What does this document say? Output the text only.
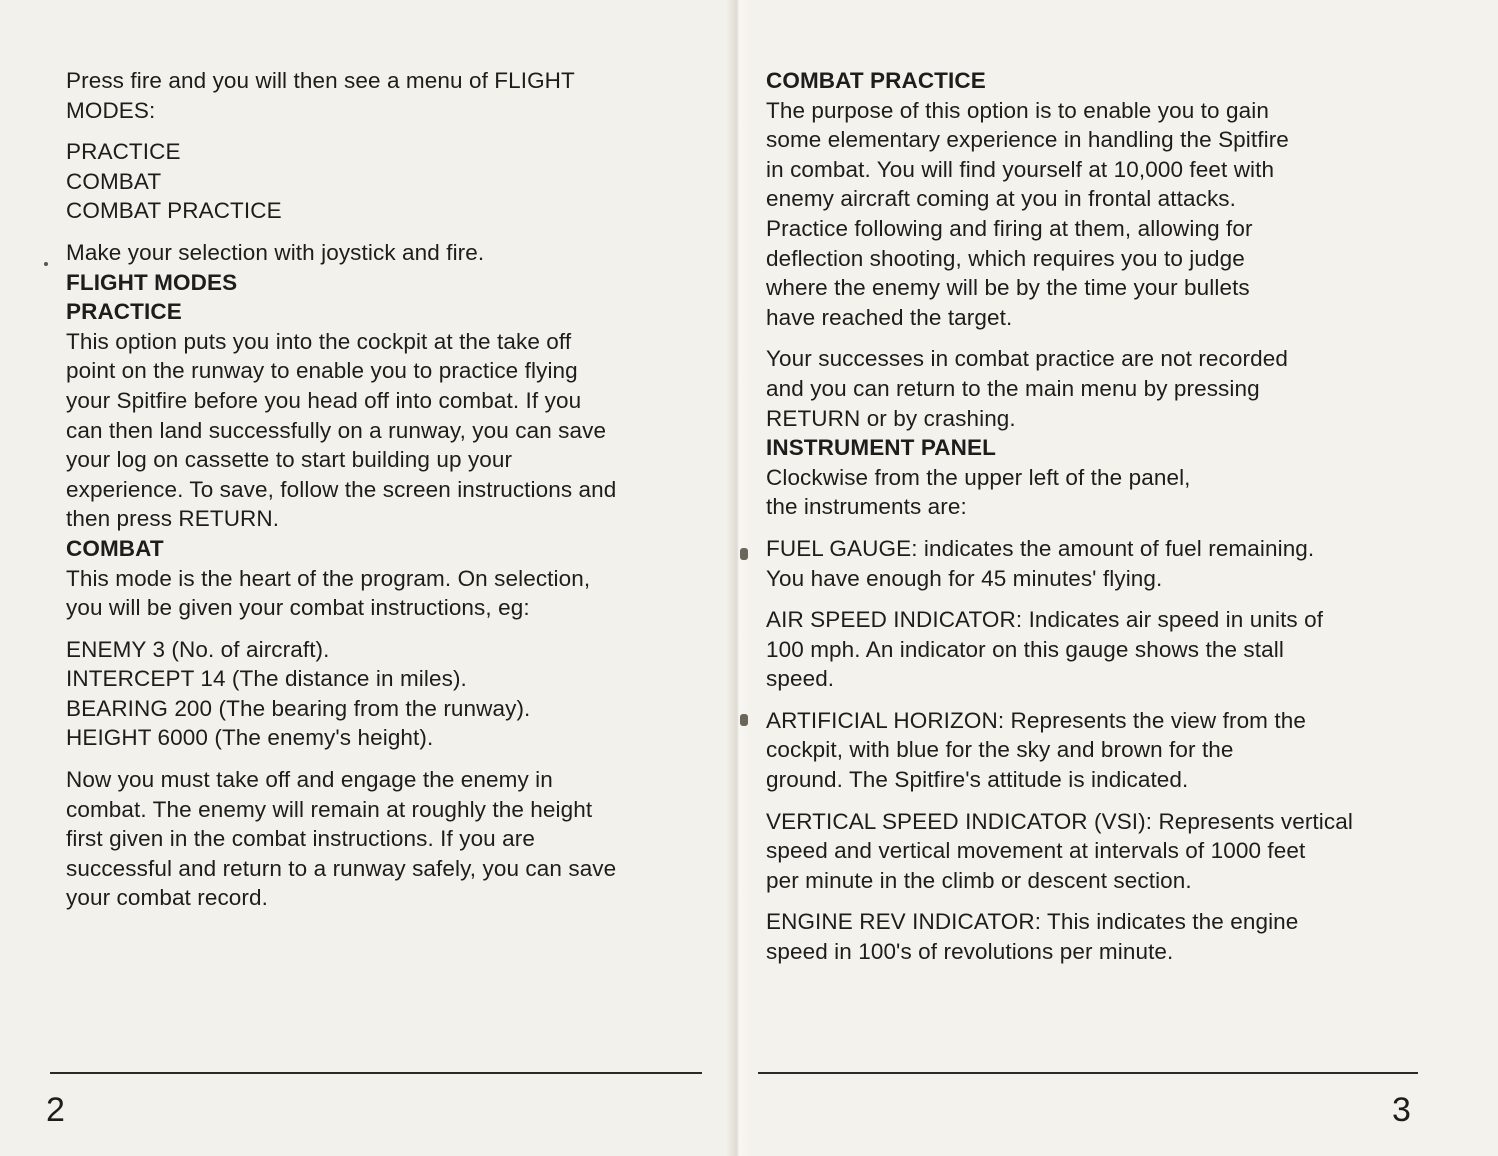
Press fire and you will then see a menu of FLIGHT
MODES:

PRACTICE
COMBAT
COMBAT PRACTICE

Make your selection with joystick and fire.

FLIGHT MODES

PRACTICE

This option puts you into the cockpit at the take off
point on the runway to enable you to practice flying
your Spitfire before you head off into combat. If you
can then land successfully on a runway, you can save
your log on cassette to start building up your
experience. To save, follow the screen instructions and
then press RETURN.

COMBAT

This mode is the heart of the program. On selection,
you will be given your combat instructions, eg:

ENEMY 3 (No. of aircraft).
INTERCEPT 14 (The distance in miles).
BEARING 200 (The bearing from the runway).
HEIGHT 6000 (The enemy's height).

Now you must take off and engage the enemy in
combat. The enemy will remain at roughly the height
first given in the combat instructions. If you are
successful and return to a runway safely, you can save
your combat record.

2

COMBAT PRACTICE

The purpose of this option is to enable you to gain
some elementary experience in handling the Spitfire
in combat. You will find yourself at 10,000 feet with
enemy aircraft coming at you in frontal attacks.
Practice following and firing at them, allowing for
deflection shooting, which requires you to judge
where the enemy will be by the time your bullets
have reached the target.

Your successes in combat practice are not recorded
and you can return to the main menu by pressing
RETURN or by crashing.

INSTRUMENT PANEL

Clockwise from the upper left of the panel,
the instruments are:

FUEL GAUGE: indicates the amount of fuel remaining.
You have enough for 45 minutes' flying.

AIR SPEED INDICATOR: Indicates air speed in units of
100 mph. An indicator on this gauge shows the stall
speed.

ARTIFICIAL HORIZON: Represents the view from the
cockpit, with blue for the sky and brown for the
ground. The Spitfire's attitude is indicated.

VERTICAL SPEED INDICATOR (VSI): Represents vertical
speed and vertical movement at intervals of 1000 feet
per minute in the climb or descent section.

ENGINE REV INDICATOR: This indicates the engine
speed in 100's of revolutions per minute.

3
